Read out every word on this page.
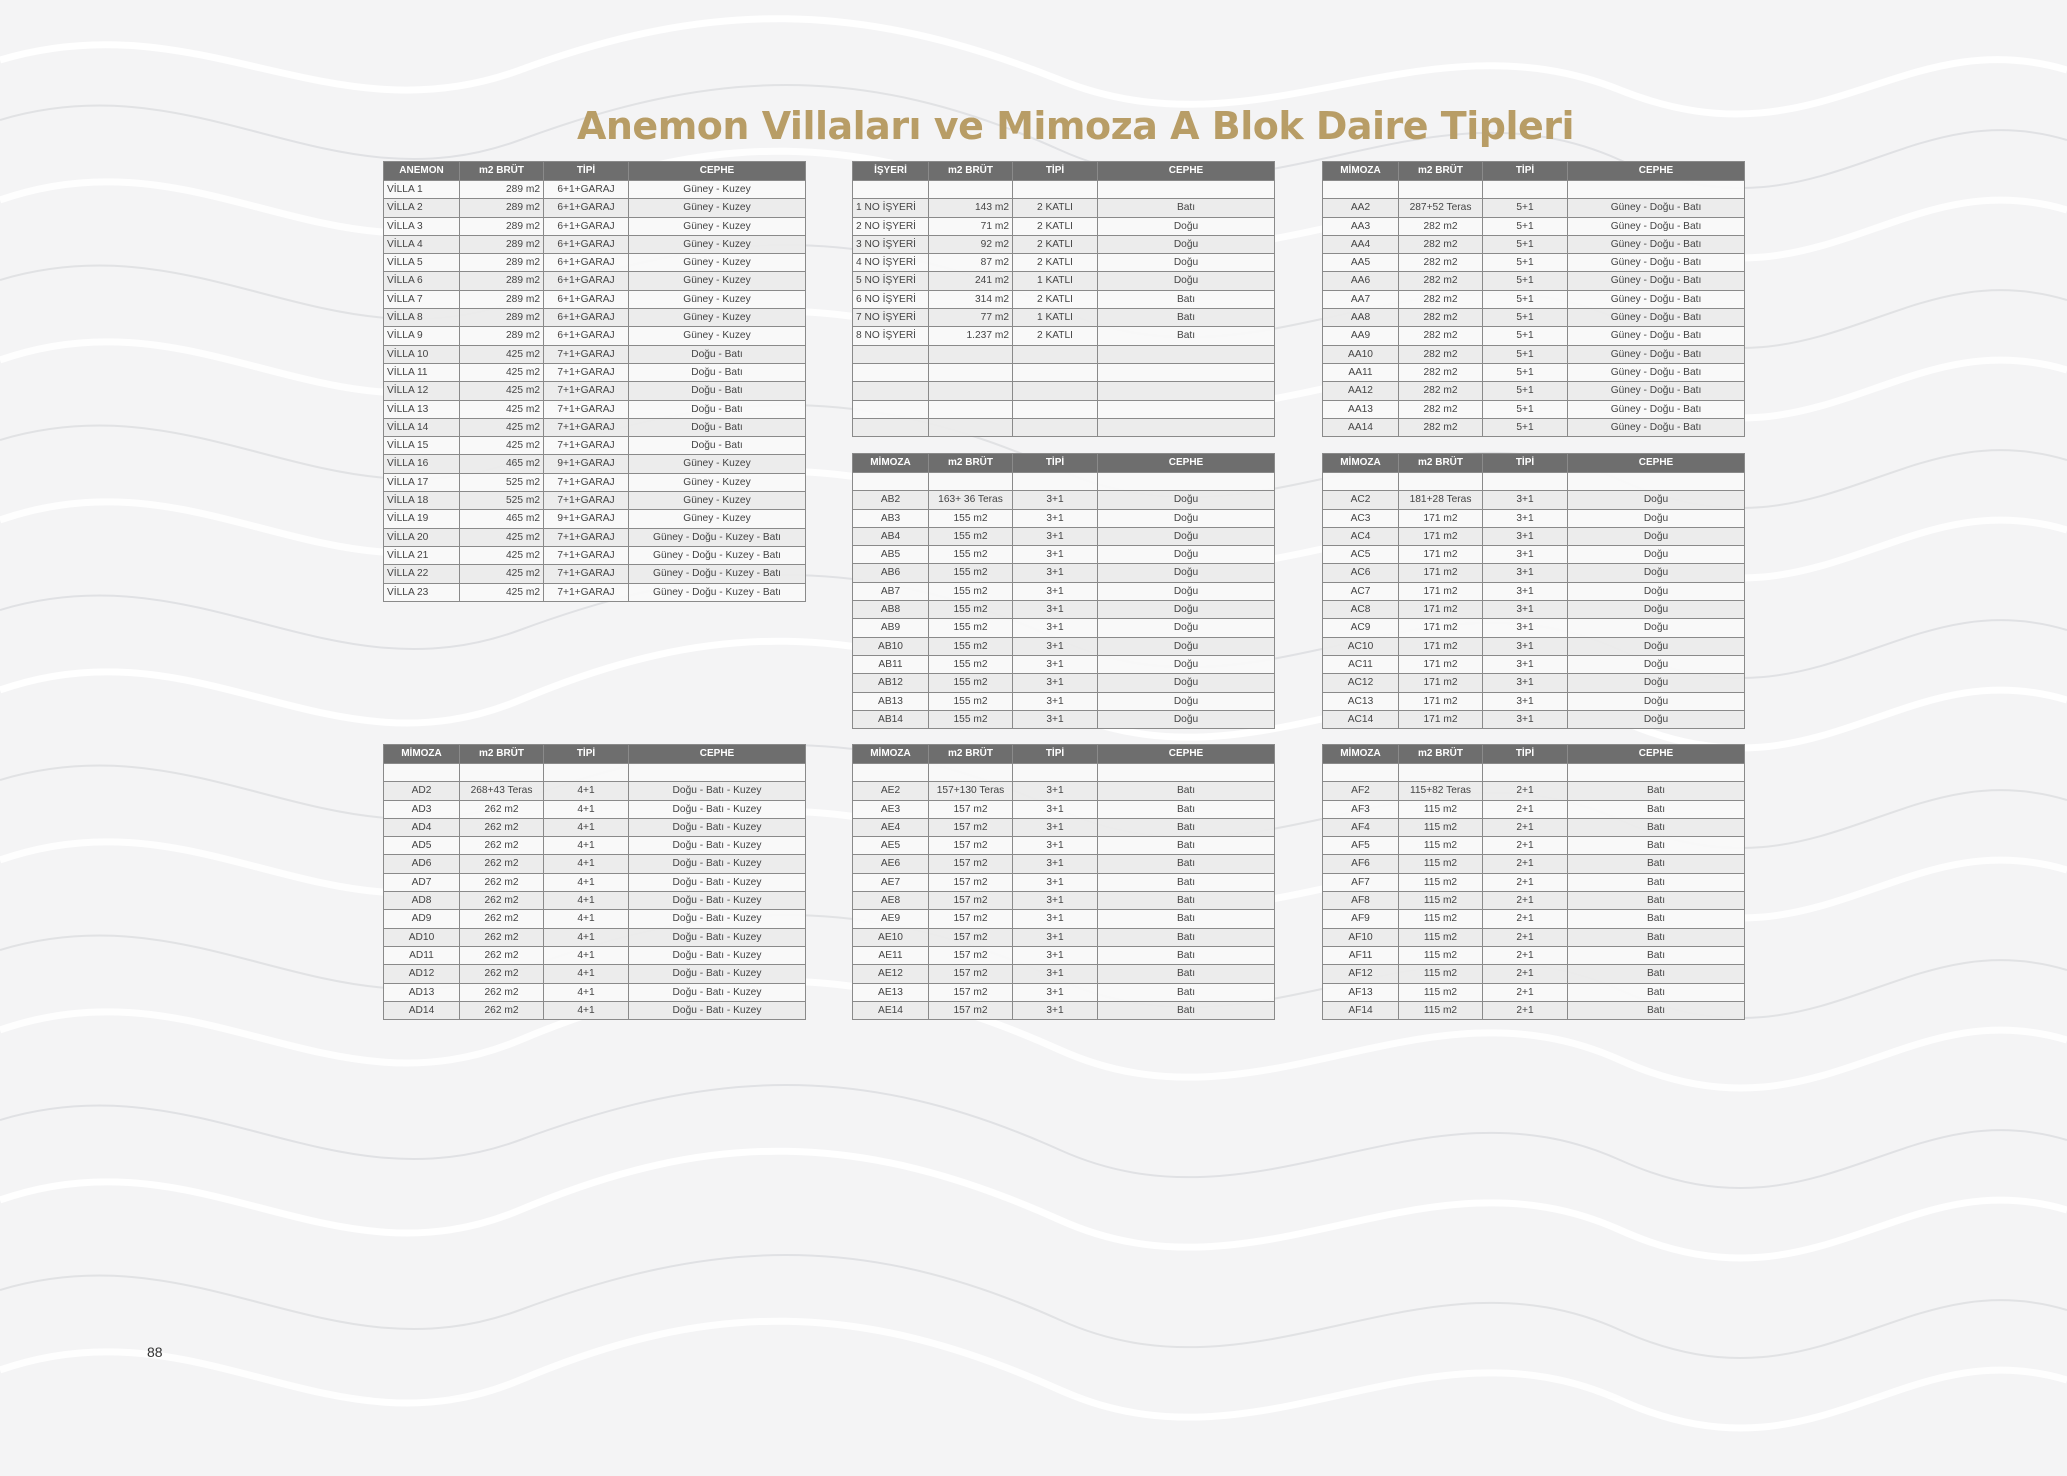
Anemon Villaları ve Mimoza A Blok Daire Tipleri
ANEMON	m2 BRÜT	TİPİ	CEPHE
VİLLA 1	289 m2	6+1+GARAJ	Güney - Kuzey
VİLLA 2	289 m2	6+1+GARAJ	Güney - Kuzey
VİLLA 3	289 m2	6+1+GARAJ	Güney - Kuzey
VİLLA 4	289 m2	6+1+GARAJ	Güney - Kuzey
VİLLA 5	289 m2	6+1+GARAJ	Güney - Kuzey
VİLLA 6	289 m2	6+1+GARAJ	Güney - Kuzey
VİLLA 7	289 m2	6+1+GARAJ	Güney - Kuzey
VİLLA 8	289 m2	6+1+GARAJ	Güney - Kuzey
VİLLA 9	289 m2	6+1+GARAJ	Güney - Kuzey
VİLLA 10	425 m2	7+1+GARAJ	Doğu - Batı
VİLLA 11	425 m2	7+1+GARAJ	Doğu - Batı
VİLLA 12	425 m2	7+1+GARAJ	Doğu - Batı
VİLLA 13	425 m2	7+1+GARAJ	Doğu - Batı
VİLLA 14	425 m2	7+1+GARAJ	Doğu - Batı
VİLLA 15	425 m2	7+1+GARAJ	Doğu - Batı
VİLLA 16	465 m2	9+1+GARAJ	Güney - Kuzey
VİLLA 17	525 m2	7+1+GARAJ	Güney - Kuzey
VİLLA 18	525 m2	7+1+GARAJ	Güney - Kuzey
VİLLA 19	465 m2	9+1+GARAJ	Güney - Kuzey
VİLLA 20	425 m2	7+1+GARAJ	Güney - Doğu - Kuzey - Batı
VİLLA 21	425 m2	7+1+GARAJ	Güney - Doğu - Kuzey - Batı
VİLLA 22	425 m2	7+1+GARAJ	Güney - Doğu - Kuzey - Batı
VİLLA 23	425 m2	7+1+GARAJ	Güney - Doğu - Kuzey - Batı
İŞYERİ	m2 BRÜT	TİPİ	CEPHE

1 NO İŞYERİ	143 m2	2 KATLI	Batı
2 NO İŞYERİ	71 m2	2 KATLI	Doğu
3 NO İŞYERİ	92 m2	2 KATLI	Doğu
4 NO İŞYERİ	87 m2	2 KATLI	Doğu
5 NO İŞYERİ	241 m2	1 KATLI	Doğu
6 NO İŞYERİ	314 m2	2 KATLI	Batı
7 NO İŞYERİ	77 m2	1 KATLI	Batı
8 NO İŞYERİ	1.237 m2	2 KATLI	Batı

MİMOZA	m2 BRÜT	TİPİ	CEPHE

AA2	287+52 Teras	5+1	Güney - Doğu - Batı
AA3	282 m2	5+1	Güney - Doğu - Batı
AA4	282 m2	5+1	Güney - Doğu - Batı
AA5	282 m2	5+1	Güney - Doğu - Batı
AA6	282 m2	5+1	Güney - Doğu - Batı
AA7	282 m2	5+1	Güney - Doğu - Batı
AA8	282 m2	5+1	Güney - Doğu - Batı
AA9	282 m2	5+1	Güney - Doğu - Batı
AA10	282 m2	5+1	Güney - Doğu - Batı
AA11	282 m2	5+1	Güney - Doğu - Batı
AA12	282 m2	5+1	Güney - Doğu - Batı
AA13	282 m2	5+1	Güney - Doğu - Batı
AA14	282 m2	5+1	Güney - Doğu - Batı
MİMOZA	m2 BRÜT	TİPİ	CEPHE

AB2	163+ 36 Teras	3+1	Doğu
AB3	155 m2	3+1	Doğu
AB4	155 m2	3+1	Doğu
AB5	155 m2	3+1	Doğu
AB6	155 m2	3+1	Doğu
AB7	155 m2	3+1	Doğu
AB8	155 m2	3+1	Doğu
AB9	155 m2	3+1	Doğu
AB10	155 m2	3+1	Doğu
AB11	155 m2	3+1	Doğu
AB12	155 m2	3+1	Doğu
AB13	155 m2	3+1	Doğu
AB14	155 m2	3+1	Doğu
MİMOZA	m2 BRÜT	TİPİ	CEPHE

AC2	181+28 Teras	3+1	Doğu
AC3	171 m2	3+1	Doğu
AC4	171 m2	3+1	Doğu
AC5	171 m2	3+1	Doğu
AC6	171 m2	3+1	Doğu
AC7	171 m2	3+1	Doğu
AC8	171 m2	3+1	Doğu
AC9	171 m2	3+1	Doğu
AC10	171 m2	3+1	Doğu
AC11	171 m2	3+1	Doğu
AC12	171 m2	3+1	Doğu
AC13	171 m2	3+1	Doğu
AC14	171 m2	3+1	Doğu
MİMOZA	m2 BRÜT	TİPİ	CEPHE

AD2	268+43 Teras	4+1	Doğu - Batı - Kuzey
AD3	262 m2	4+1	Doğu - Batı - Kuzey
AD4	262 m2	4+1	Doğu - Batı - Kuzey
AD5	262 m2	4+1	Doğu - Batı - Kuzey
AD6	262 m2	4+1	Doğu - Batı - Kuzey
AD7	262 m2	4+1	Doğu - Batı - Kuzey
AD8	262 m2	4+1	Doğu - Batı - Kuzey
AD9	262 m2	4+1	Doğu - Batı - Kuzey
AD10	262 m2	4+1	Doğu - Batı - Kuzey
AD11	262 m2	4+1	Doğu - Batı - Kuzey
AD12	262 m2	4+1	Doğu - Batı - Kuzey
AD13	262 m2	4+1	Doğu - Batı - Kuzey
AD14	262 m2	4+1	Doğu - Batı - Kuzey
MİMOZA	m2 BRÜT	TİPİ	CEPHE

AE2	157+130 Teras	3+1	Batı
AE3	157 m2	3+1	Batı
AE4	157 m2	3+1	Batı
AE5	157 m2	3+1	Batı
AE6	157 m2	3+1	Batı
AE7	157 m2	3+1	Batı
AE8	157 m2	3+1	Batı
AE9	157 m2	3+1	Batı
AE10	157 m2	3+1	Batı
AE11	157 m2	3+1	Batı
AE12	157 m2	3+1	Batı
AE13	157 m2	3+1	Batı
AE14	157 m2	3+1	Batı
MİMOZA	m2 BRÜT	TİPİ	CEPHE

AF2	115+82 Teras	2+1	Batı
AF3	115 m2	2+1	Batı
AF4	115 m2	2+1	Batı
AF5	115 m2	2+1	Batı
AF6	115 m2	2+1	Batı
AF7	115 m2	2+1	Batı
AF8	115 m2	2+1	Batı
AF9	115 m2	2+1	Batı
AF10	115 m2	2+1	Batı
AF11	115 m2	2+1	Batı
AF12	115 m2	2+1	Batı
AF13	115 m2	2+1	Batı
AF14	115 m2	2+1	Batı
88
